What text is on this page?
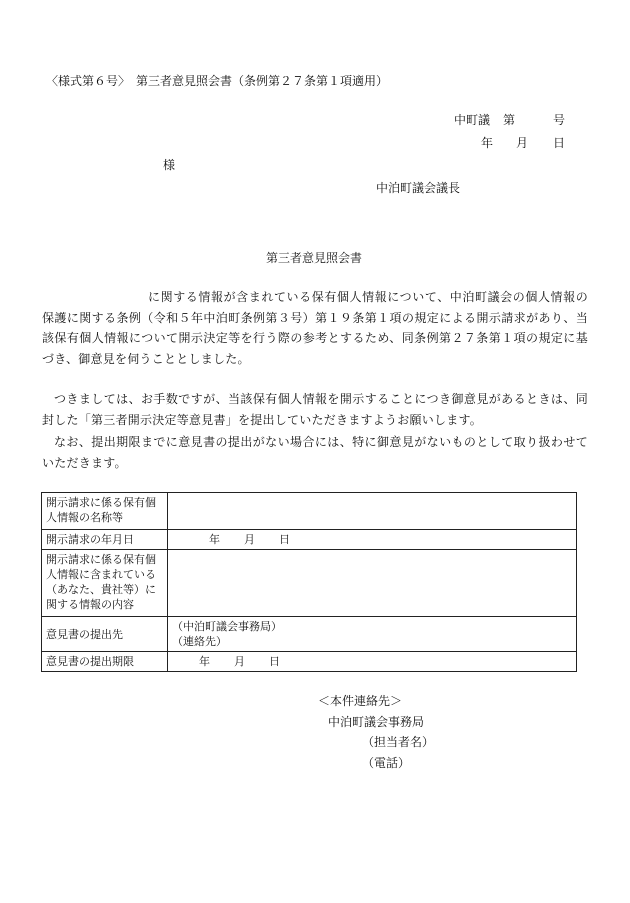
〈様式第６号〉　第三者意見照会書（条例第２７条第１項適用）
中町議 第	号
年 月 日
様
中泊町議会議長
第三者意見照会書
に関する情報が含まれている保有個人情報について、中泊町議会の個人情報の保護に関する条例（令和５年中泊町条例第３号）第１９条第１項の規定による開示請求があり、当該保有個人情報について開示決定等を行う際の参考とするため、同条例第２７条第１項の規定に基づき、御意見を伺うこととしました。
つきましては、お手数ですが、当該保有個人情報を開示することにつき御意見があるときは、同封した「第三者開示決定等意見書」を提出していただきますようお願いします。
なお、提出期限までに意見書の提出がない場合には、特に御意見がないものとして取り扱わせていただきます。
開示請求に係る保有個人情報の名称等	
開示請求の年月日	年 月 日

開示請求に係る保有個人情報に含まれている（あなた、貴社等）に関する情報の内容	
意見書の提出先	（中泊町議会事務局）
（連絡先）

意見書の提出期限	年 月 日
＜本件連絡先＞
中泊町議会事務局
（担当者名）
（電話）
